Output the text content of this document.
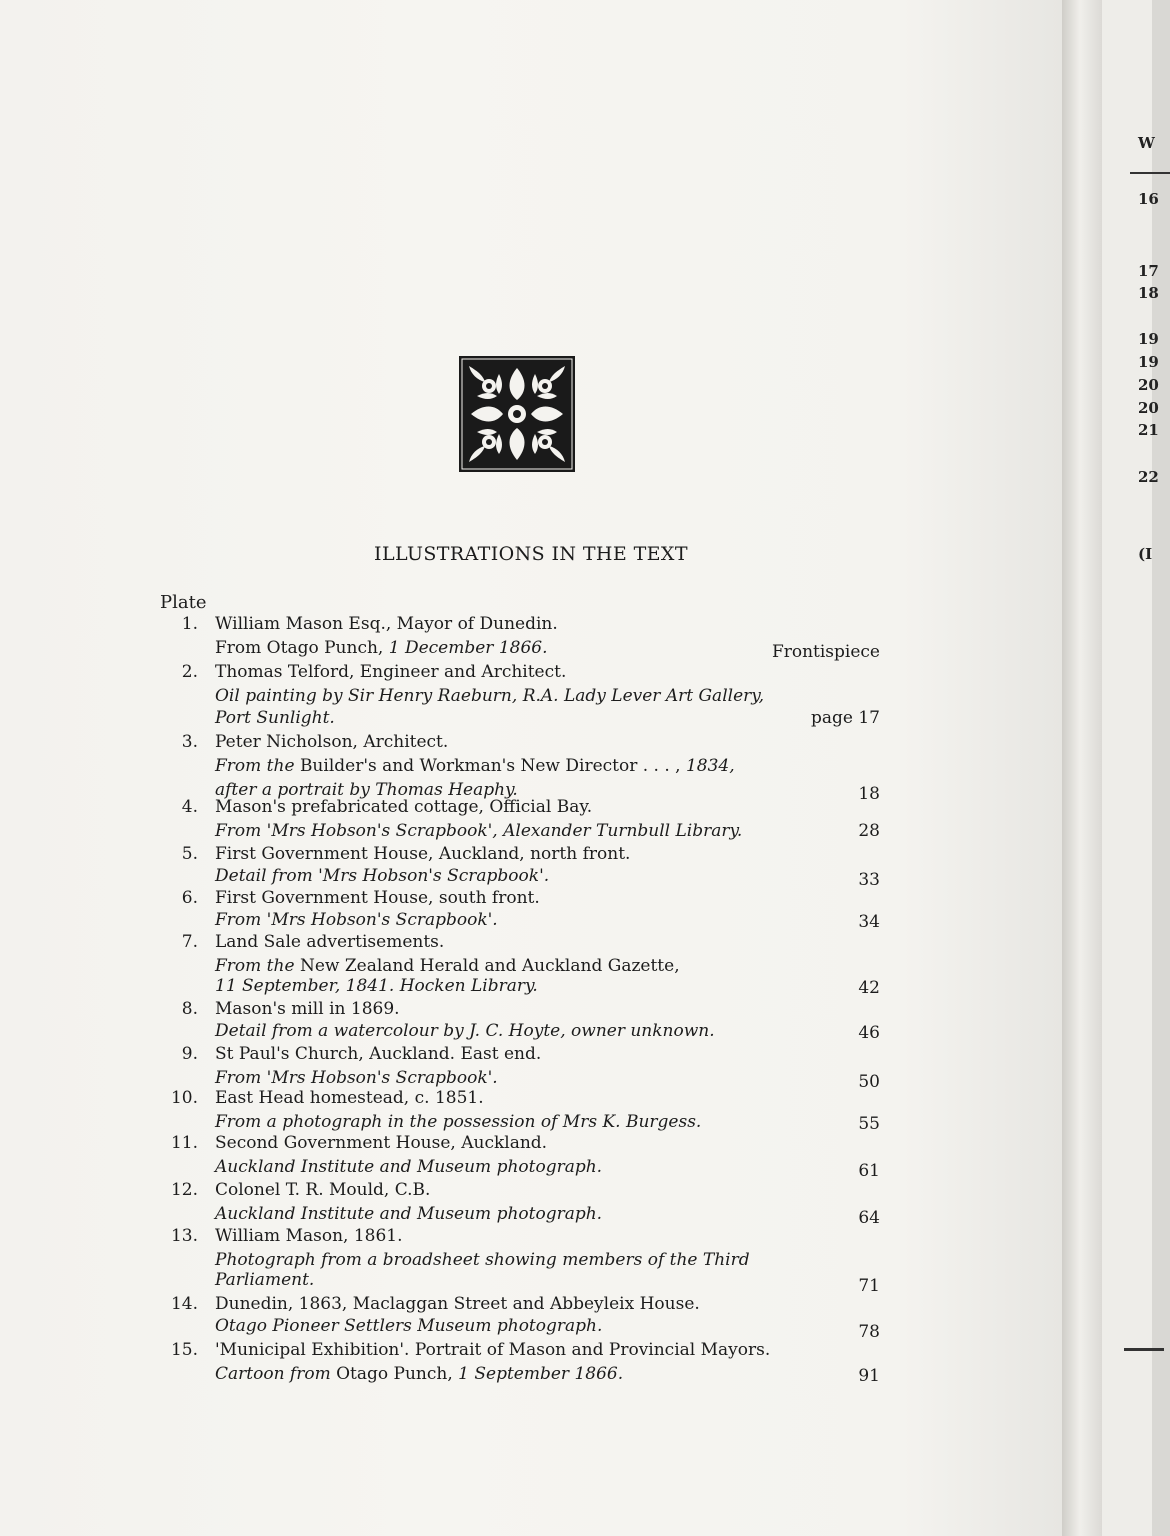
W
16
17
18
19
19
20
20
21
22
(I
ILLUSTRATIONS IN THE TEXT
Plate
1. William Mason Esq., Mayor of Dunedin.
From Otago Punch, 1 December 1866.	Frontispiece
2. Thomas Telford, Engineer and Architect.
Oil painting by Sir Henry Raeburn, R.A. Lady Lever Art Gallery,
Port Sunlight.	page 17
3. Peter Nicholson, Architect.
From the Builder's and Workman's New Director . . . , 1834,
after a portrait by Thomas Heaphy.	18
4. Mason's prefabricated cottage, Official Bay.
From 'Mrs Hobson's Scrapbook', Alexander Turnbull Library.	28
5. First Government House, Auckland, north front.
Detail from 'Mrs Hobson's Scrapbook'.	33
6. First Government House, south front.
From 'Mrs Hobson's Scrapbook'.	34
7. Land Sale advertisements.
From the New Zealand Herald and Auckland Gazette,
11 September, 1841. Hocken Library.	42
8. Mason's mill in 1869.
Detail from a watercolour by J. C. Hoyte, owner unknown.	46
9. St Paul's Church, Auckland. East end.
From 'Mrs Hobson's Scrapbook'.	50
10. East Head homestead, c. 1851.
From a photograph in the possession of Mrs K. Burgess.	55
11. Second Government House, Auckland.
Auckland Institute and Museum photograph.	61
12. Colonel T. R. Mould, C.B.
Auckland Institute and Museum photograph.	64
13. William Mason, 1861.
Photograph from a broadsheet showing members of the Third
Parliament.	71
14. Dunedin, 1863, Maclaggan Street and Abbeyleix House.
Otago Pioneer Settlers Museum photograph.	78
15. 'Municipal Exhibition'. Portrait of Mason and Provincial Mayors.
Cartoon from Otago Punch, 1 September 1866.	91
